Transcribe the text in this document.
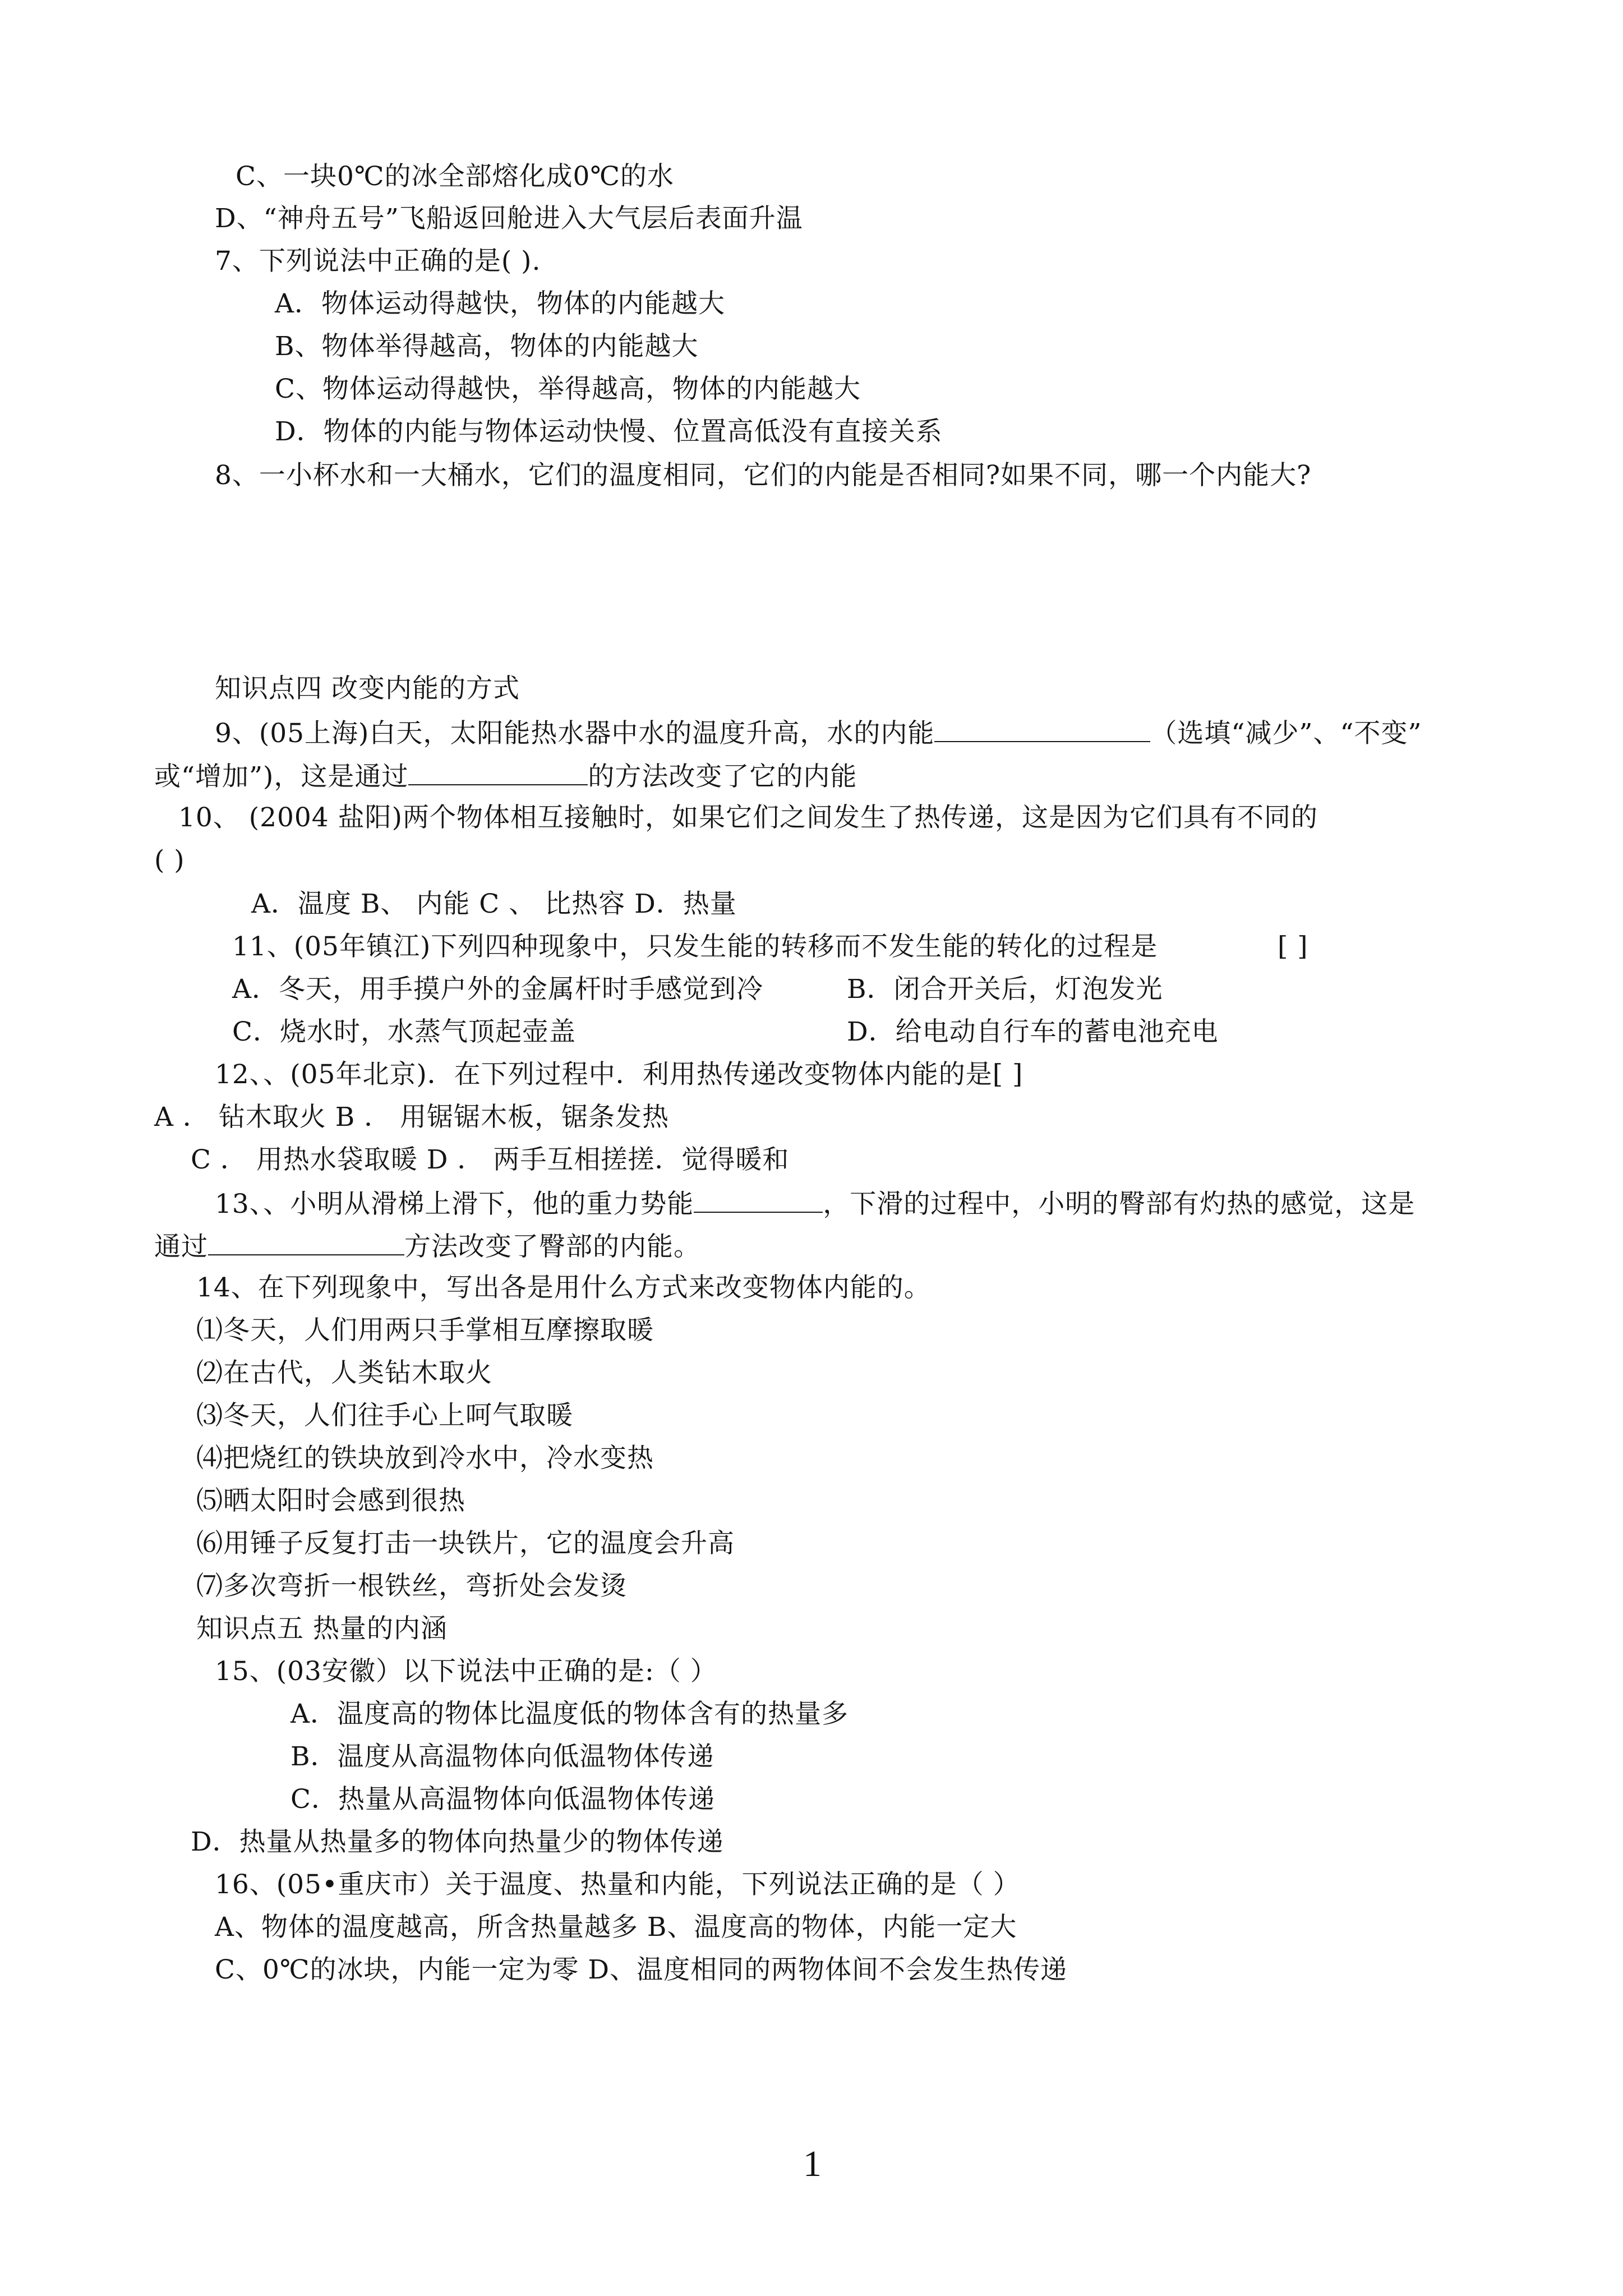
C、一块0℃的冰全部熔化成0℃的水
D、“神舟五号”飞船返回舱进入大气层后表面升温
7、下列说法中正确的是( ).
A．物体运动得越快，物体的内能越大
B、物体举得越高，物体的内能越大
C、物体运动得越快，举得越高，物体的内能越大
D．物体的内能与物体运动快慢、位置高低没有直接关系
8、一小杯水和一大桶水，它们的温度相同，它们的内能是否相同?如果不同，哪一个内能大?
知识点四 改变内能的方式
9、(05上海)白天，太阳能热水器中水的温度升高，水的内能	（选填“减少”、“不变”
或“增加”)，这是通过	的方法改变了它的内能
10、 (2004 盐阳)两个物体相互接触时，如果它们之间发生了热传递，这是因为它们具有不同的
( )
A．温度 B、 内能 C 、 比热容 D．热量
11、(05年镇江)下列四种现象中，只发生能的转移而不发生能的转化的过程是	[ ]
A．冬天，用手摸户外的金属杆时手感觉到冷	B．闭合开关后，灯泡发光
C．烧水时，水蒸气顶起壶盖	D．给电动自行车的蓄电池充电
12、、(05年北京)．在下列过程中．利用热传递改变物体内能的是[ ]
A ． 钻木取火 B ． 用锯锯木板，锯条发热
C ． 用热水袋取暖 D ． 两手互相搓搓．觉得暖和
13、、小明从滑梯上滑下，他的重力势能	，下滑的过程中，小明的臀部有灼热的感觉，这是
通过	方法改变了臀部的内能。
14、在下列现象中，写出各是用什么方式来改变物体内能的。
⑴冬天，人们用两只手掌相互摩擦取暖
⑵在古代，人类钻木取火
⑶冬天，人们往手心上呵气取暖
⑷把烧红的铁块放到冷水中，冷水变热
⑸晒太阳时会感到很热
⑹用锤子反复打击一块铁片，它的温度会升高
⑺多次弯折一根铁丝，弯折处会发烫
知识点五 热量的内涵
15、(03安徽）以下说法中正确的是:（ ）
A．温度高的物体比温度低的物体含有的热量多
B．温度从高温物体向低温物体传递
C．热量从高温物体向低温物体传递
D．热量从热量多的物体向热量少的物体传递
16、(05•重庆市）关于温度、热量和内能，下列说法正确的是（ ）
A、物体的温度越高，所含热量越多 B、温度高的物体，内能一定大
C、0℃的冰块，内能一定为零 D、温度相同的两物体间不会发生热传递
1
